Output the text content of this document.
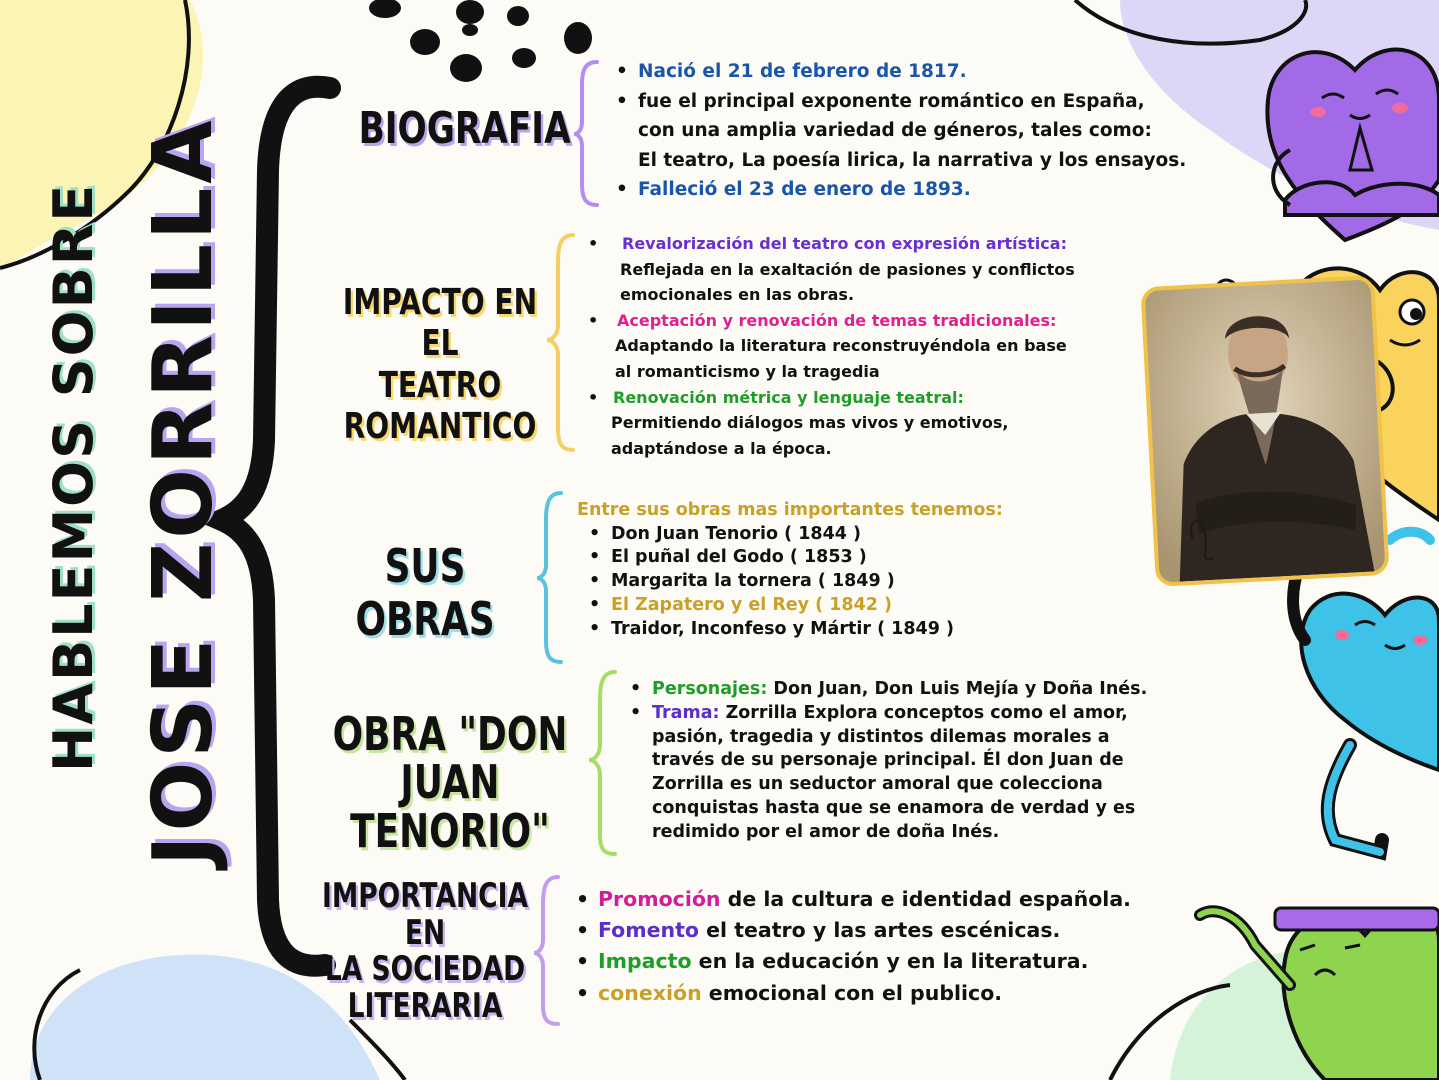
HABLEMOS SOBRE JOSE ZORRILLA	BIOGRAFIA
IMPACTO EN EL
TEATRO
ROMANTICO
SUS OBRAS
OBRA "DON
JUAN TENORIO"
IMPORTANCIA EN
LA SOCIEDAD
LITERARIA
• Nació el 21 de febrero de 1817.
• fue el principal exponente romántico en España,
con una amplia variedad de géneros, tales como:
El teatro, La poesía lirica, la narrativa y los ensayos.
• Falleció el 23 de enero de 1893.
• Revalorización del teatro con expresión artística:
Reflejada en la exaltación de pasiones y conflictos
emocionales en las obras.
• Aceptación y renovación de temas tradicionales:
Adaptando la literatura reconstruyéndola en base
al romanticismo y la tragedia
• Renovación métrica y lenguaje teatral:
Permitiendo diálogos mas vivos y emotivos,
adaptándose a la época.
Entre sus obras mas importantes tenemos:
• Don Juan Tenorio ( 1844 )
• El puñal del Godo ( 1853 )
• Margarita la tornera ( 1849 )
• El Zapatero y el Rey ( 1842 )
• Traidor, Inconfeso y Mártir ( 1849 )
• Personajes: Don Juan, Don Luis Mejía y Doña Inés.
• Trama: Zorrilla Explora conceptos como el amor,
pasión, tragedia y distintos dilemas morales a
través de su personaje principal. Él don Juan de
Zorrilla es un seductor amoral que colecciona
conquistas hasta que se enamora de verdad y es
redimido por el amor de doña Inés.
• Promoción de la cultura e identidad española.
• Fomento el teatro y las artes escénicas.
• Impacto en la educación y en la literatura.
• conexión emocional con el publico.
